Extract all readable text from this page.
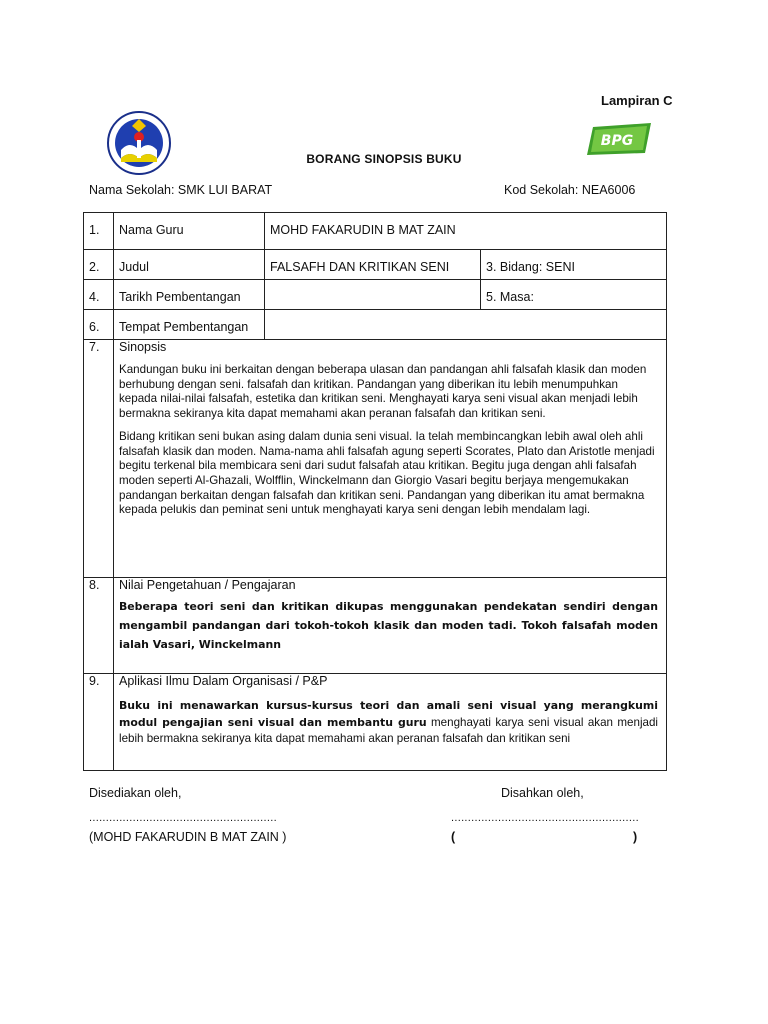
Lampiran C
BPG
BORANG SINOPSIS BUKU
Nama Sekolah: SMK LUI BARAT	Kod Sekolah: NEA6006
1.	Nama Guru	MOHD FAKARUDIN B MAT ZAIN	
2.	Judul	FALSAFH DAN KRITIKAN SENI	3. Bidang: SENI
4.	Tarikh Pembentangan		5. Masa:
6.	Tempat Pembentangan		
7.	Sinopsis

Kandungan buku ini berkaitan dengan beberapa ulasan dan pandangan ahli falsafah klasik dan moden berhubung dengan seni. falsafah dan kritikan. Pandangan yang diberikan itu lebih menumpuhkan kepada nilai-nilai falsafah, estetika dan kritikan seni. Menghayati karya seni visual akan menjadi lebih bermakna sekiranya kita dapat memahami akan peranan falsafah dan kritikan seni.

Bidang kritikan seni bukan asing dalam dunia seni visual. Ia telah membincangkan lebih awal oleh ahli falsafah klasik dan moden. Nama-nama ahli falsafah agung seperti Scorates, Plato dan Aristotle menjadi begitu terkenal bila membicara seni dari sudut falsafah atau kritikan. Begitu juga dengan ahli falsafah moden seperti Al-Ghazali, Wolfflin, Winckelmann dan Giorgio Vasari begitu berjaya mengemukakan pandangan berkaitan dengan falsafah dan kritikan seni. Pandangan yang diberikan itu amat bermakna kepada pelukis dan peminat seni untuk menghayati karya seni dengan lebih mendalam lagi.		

8.	Nilai Pengetahuan / Pengajaran

Beberapa teori seni dan kritikan dikupas menggunakan pendekatan sendiri dengan mengambil pandangan dari tokoh-tokoh klasik dan moden tadi. Tokoh falsafah moden ialah Vasari, Winckelmann		

9.	Aplikasi Ilmu Dalam Organisasi / P&P

Buku ini menawarkan kursus-kursus teori dan amali seni visual yang merangkumi modul pengajian seni visual dan membantu guru menghayati karya seni visual akan menjadi lebih bermakna sekiranya kita dapat memahami akan peranan falsafah dan kritikan seni		

Disediakan oleh,	Disahkan oleh,
........................................................	........................................................
(MOHD FAKARUDIN B MAT ZAIN )	(	)
